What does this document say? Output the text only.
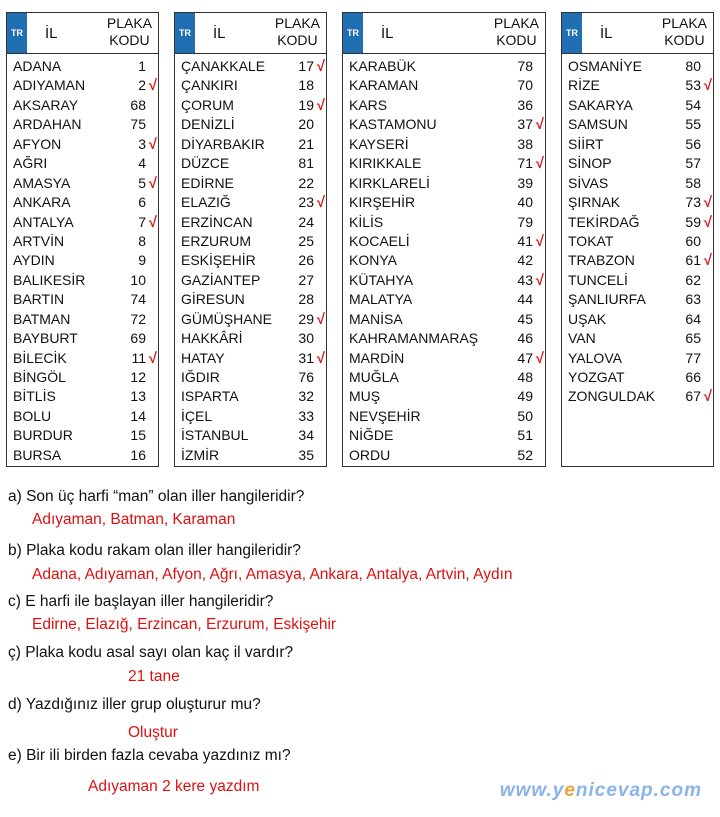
TR İL
PLAKA
KODU
ADANA	1
ADIYAMAN	2 √
AKSARAY	68
ARDAHAN	75
AFYON	3 √
AĞRI	4
AMASYA	5 √
ANKARA	6
ANTALYA	7 √
ARTVİN	8
AYDIN	9
BALIKESİR	10
BARTIN	74
BATMAN	72
BAYBURT	69
BİLECİK	11 √
BİNGÖL	12
BİTLİS	13
BOLU	14
BURDUR	15
BURSA	16
TR İL
PLAKA
KODU
ÇANAKKALE 17 √
ÇANKIRI	18
ÇORUM	19 √
DENİZLİ	20
DİYARBAKIR 21
DÜZCE	81
EDİRNE	22
ELAZIĞ	23 √
ERZİNCAN	24
ERZURUM	25
ESKİŞEHİR	26
GAZİANTEP	27
GİRESUN	28
GÜMÜŞHANE 29 √
HAKKÂRİ	30
HATAY	31 √
IĞDIR	76
ISPARTA	32
İÇEL	33
İSTANBUL	34
İZMİR	35
TR İL
PLAKA
KODU
KARABÜK	78
KARAMAN	70
KARS	36
KASTAMONU	37 √
KAYSERİ	38
KIRIKKALE	71 √
KIRKLARELİ	39
KIRŞEHİR	40
KİLİS	79
KOCAELİ	41 √
KONYA	42
KÜTAHYA	43 √
MALATYA	44
MANİSA	45
KAHRAMANMARAŞ	46
MARDİN	47 √
MUĞLA	48
MUŞ	49
NEVŞEHİR	50
NİĞDE	51
ORDU	52
TR İL
PLAKA
KODU
OSMANİYE	80
RİZE	53 √
SAKARYA	54
SAMSUN	55
SİİRT	56
SİNOP	57
SİVAS	58
ŞIRNAK	73 √
TEKİRDAĞ	59 √
TOKAT	60
TRABZON	61 √
TUNCELİ	62
ŞANLIURFA	63
UŞAK	64
VAN	65
YALOVA	77
YOZGAT	66
ZONGULDAK 67 √
a) Son üç harfi “man” olan iller hangileridir?
Adıyaman, Batman, Karaman
b) Plaka kodu rakam olan iller hangileridir?
Adana, Adıyaman, Afyon, Ağrı, Amasya, Ankara, Antalya, Artvin, Aydın
c) E harfi ile başlayan iller hangileridir?
Edirne, Elazığ, Erzincan, Erzurum, Eskişehir
ç) Plaka kodu asal sayı olan kaç il vardır?
21 tane
d) Yazdığınız iller grup oluşturur mu?
Oluştur
e) Bir ili birden fazla cevaba yazdınız mı?
Adıyaman 2 kere yazdım	www.yenicevap.com
